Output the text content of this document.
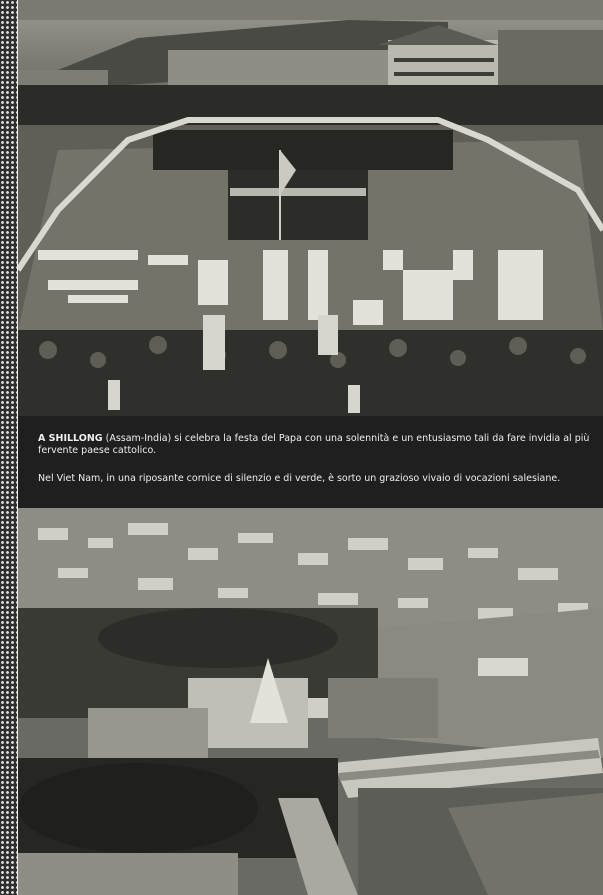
A SHILLONG (Assam-India) si celebra la festa del Papa con una solennità e un entusiasmo tali da fare invidia al più fervente paese cattolico.

Nel Viet Nam, in una riposante cornice di silenzio e di verde, è sorto un grazioso vivaio di vocazioni salesiane.
